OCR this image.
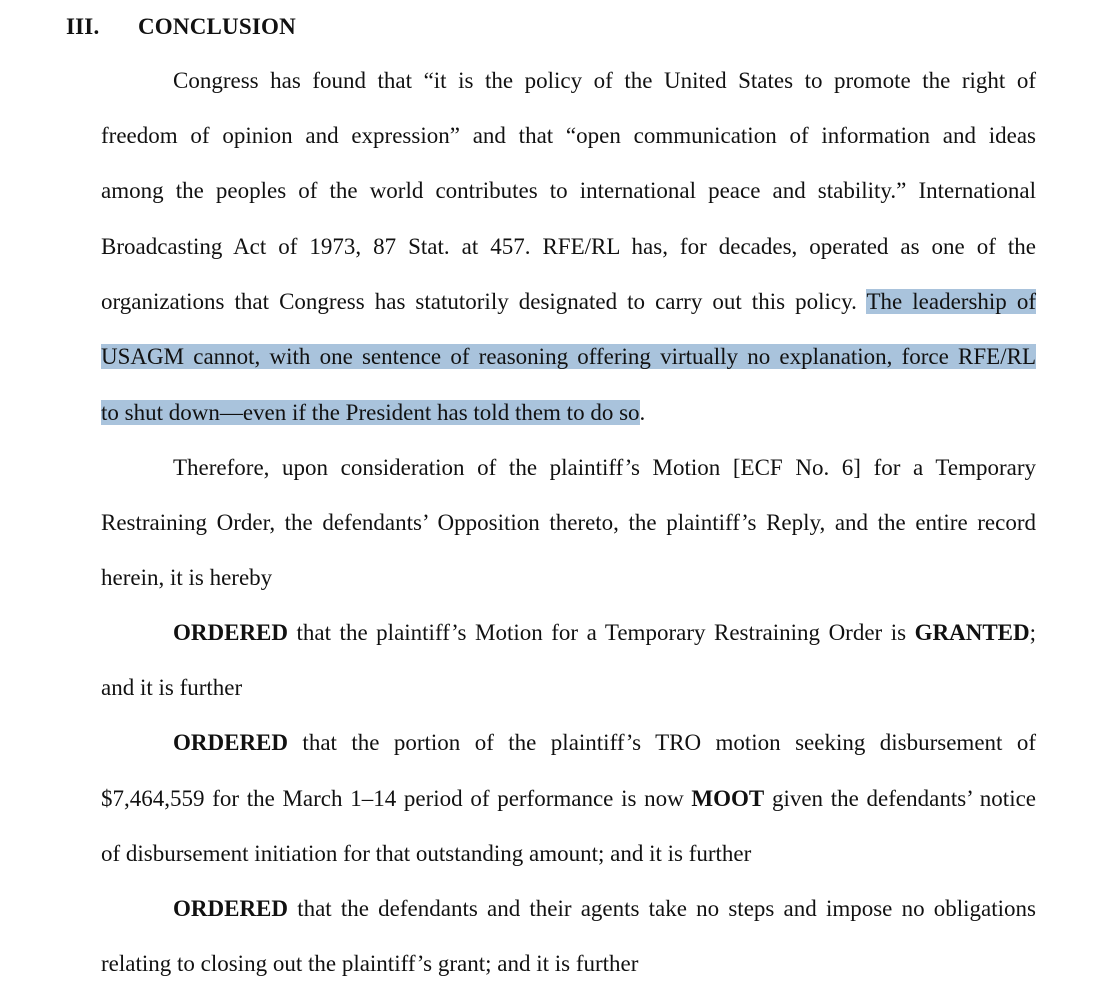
III. CONCLUSION
Congress has found that “it is the policy of the United States to promote the right of
freedom of opinion and expression” and that “open communication of information and ideas
among the peoples of the world contributes to international peace and stability.” International
Broadcasting Act of 1973, 87 Stat. at 457. RFE/RL has, for decades, operated as one of the
organizations that Congress has statutorily designated to carry out this policy. The leadership of
USAGM cannot, with one sentence of reasoning offering virtually no explanation, force RFE/RL
to shut down—even if the President has told them to do so.
Therefore, upon consideration of the plaintiff’s Motion [ECF No. 6] for a Temporary
Restraining Order, the defendants’ Opposition thereto, the plaintiff’s Reply, and the entire record
herein, it is hereby
ORDERED that the plaintiff’s Motion for a Temporary Restraining Order is GRANTED;
and it is further
ORDERED that the portion of the plaintiff’s TRO motion seeking disbursement of
$7,464,559 for the March 1–14 period of performance is now MOOT given the defendants’ notice
of disbursement initiation for that outstanding amount; and it is further
ORDERED that the defendants and their agents take no steps and impose no obligations
relating to closing out the plaintiff’s grant; and it is further
